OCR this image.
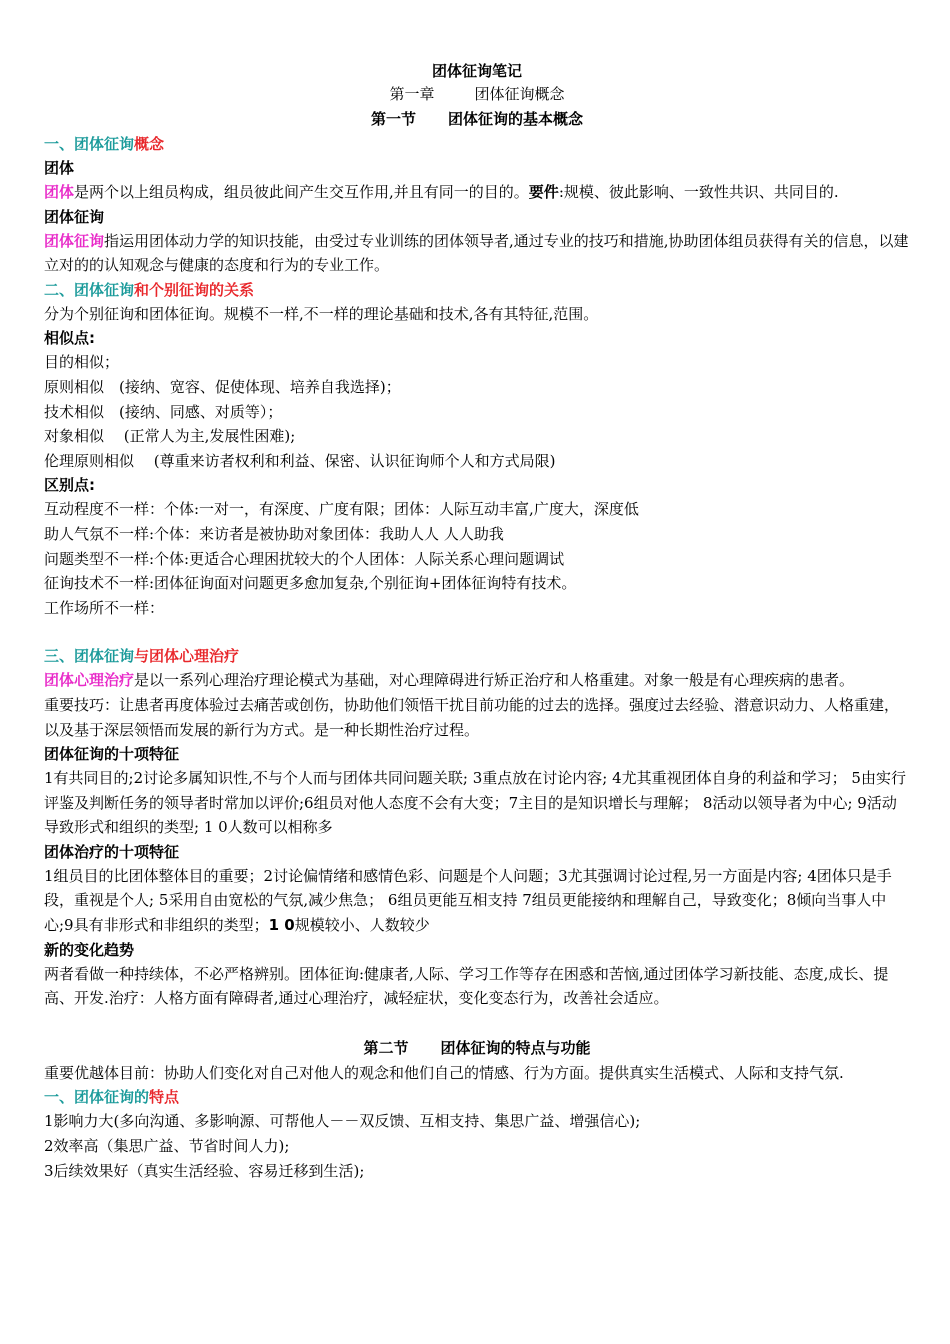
团体征询笔记

第一章	团体征询概念

第一节 团体征询的基本概念

一、团体征询概念

团体

团体是两个以上组员构成，组员彼此间产生交互作用,并且有同一的目的。要件:规模、彼此影响、一致性共识、共同目的.

团体征询

团体征询指运用团体动力学的知识技能，由受过专业训练的团体领导者,通过专业的技巧和措施,协助团体组员获得有关的信息，以建立对的的认知观念与健康的态度和行为的专业工作。

二、团体征询和个别征询的关系

分为个别征询和团体征询。规模不一样,不一样的理论基础和技术,各有其特征,范围。

相似点:

目的相似；

原则相似　(接纳、宽容、促使体现、培养自我选择)；

技术相似　(接纳、同感、对质等）；

对象相似　 (正常人为主,发展性困难);

伦理原则相似　 (尊重来访者权利和利益、保密、认识征询师个人和方式局限)

区别点:

互动程度不一样：个体:一对一，有深度、广度有限；团体：人际互动丰富,广度大，深度低

助人气氛不一样:个体：来访者是被协助对象团体：我助人人 人人助我

问题类型不一样:个体:更适合心理困扰较大的个人团体：人际关系心理问题调试

征询技术不一样:团体征询面对问题更多愈加复杂,个别征询+团体征询特有技术。

工作场所不一样：

三、团体征询与团体心理治疗

团体心理治疗是以一系列心理治疗理论模式为基础，对心理障碍进行矫正治疗和人格重建。对象一般是有心理疾病的患者。

重要技巧：让患者再度体验过去痛苦或创伤，协助他们领悟干扰目前功能的过去的选择。强度过去经验、潜意识动力、人格重建，以及基于深层领悟而发展的新行为方式。是一种长期性治疗过程。

团体征询的十项特征

1有共同目的;2讨论多属知识性,不与个人而与团体共同问题关联; 3重点放在讨论内容; 4尤其重视团体自身的利益和学习； 5由实行评鉴及判断任务的领导者时常加以评价;6组员对他人态度不会有大变；7主目的是知识增长与理解； 8活动以领导者为中心; 9活动导致形式和组织的类型; 1 0人数可以相称多

团体治疗的十项特征

1组员目的比团体整体目的重要；2讨论偏情绪和感情色彩、问题是个人问题；3尤其强调讨论过程,另一方面是内容; 4团体只是手段，重视是个人; 5采用自由宽松的气氛,减少焦急； 6组员更能互相支持 7组员更能接纳和理解自己，导致变化；8倾向当事人中心;9具有非形式和非组织的类型；1 0规模较小、人数较少

新的变化趋势

两者看做一种持续体，不必严格辨别。团体征询:健康者,人际、学习工作等存在困惑和苦恼,通过团体学习新技能、态度,成长、提高、开发.治疗：人格方面有障碍者,通过心理治疗，减轻症状，变化变态行为，改善社会适应。

第二节 团体征询的特点与功能

重要优越体目前：协助人们变化对自己对他人的观念和他们自己的情感、行为方面。提供真实生活模式、人际和支持气氛.

一、团体征询的特点

1影响力大(多向沟通、多影响源、可帮他人－－双反馈、互相支持、集思广益、增强信心);

2效率高（集思广益、节省时间人力);

3后续效果好（真实生活经验、容易迁移到生活);
